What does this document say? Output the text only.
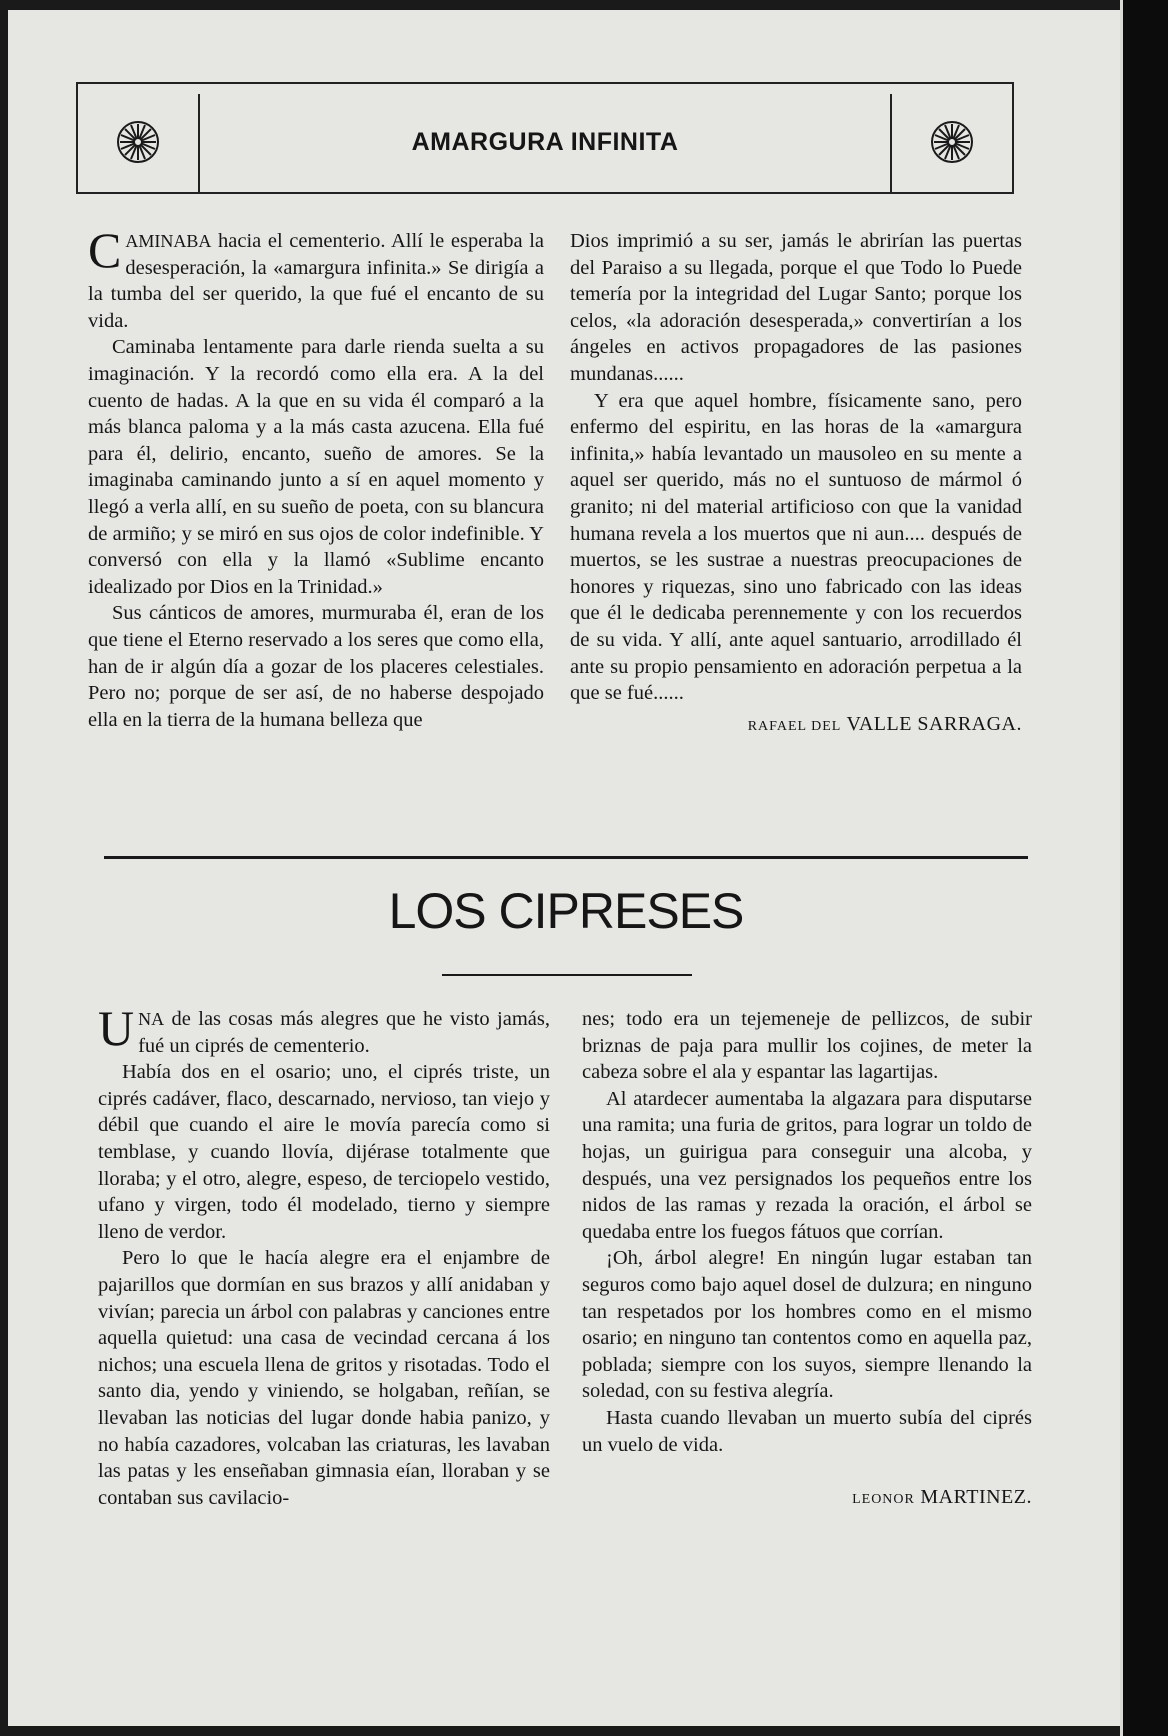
AMARGURA INFINITA

CAMINABA hacia el cementerio. Allí le esperaba la desesperación, la «amargura infinita.» Se dirigía a la tumba del ser querido, la que fué el encanto de su vida.

Caminaba lentamente para darle rienda suelta a su imaginación. Y la recordó como ella era. A la del cuento de hadas. A la que en su vida él comparó a la más blanca paloma y a la más casta azucena. Ella fué para él, delirio, encanto, sueño de amores. Se la imaginaba caminando junto a sí en aquel momento y llegó a verla allí, en su sueño de poeta, con su blancura de armiño; y se miró en sus ojos de color indefinible. Y conversó con ella y la llamó «Sublime encanto idealizado por Dios en la Trinidad.»

Sus cánticos de amores, murmuraba él, eran de los que tiene el Eterno reservado a los seres que como ella, han de ir algún día a gozar de los placeres celestiales. Pero no; porque de ser así, de no haberse despojado ella en la tierra de la humana belleza que

Dios imprimió a su ser, jamás le abrirían las puertas del Paraiso a su llegada, porque el que Todo lo Puede temería por la integridad del Lugar Santo; porque los celos, «la adoración desesperada,» convertirían a los ángeles en activos propagadores de las pasiones mundanas......

Y era que aquel hombre, físicamente sano, pero enfermo del espiritu, en las horas de la «amargura infinita,» había levantado un mausoleo en su mente a aquel ser querido, más no el suntuoso de mármol ó granito; ni del material artificioso con que la vanidad humana revela a los muertos que ni aun.... después de muertos, se les sustrae a nuestras preocupaciones de honores y riquezas, sino uno fabricado con las ideas que él le dedicaba perennemente y con los recuerdos de su vida. Y allí, ante aquel santuario, arrodillado él ante su propio pensamiento en adoración perpetua a la que se fué......

RAFAEL DEL VALLE SARRAGA.
LOS CIPRESES

UNA de las cosas más alegres que he visto jamás, fué un ciprés de cementerio.

Había dos en el osario; uno, el ciprés triste, un ciprés cadáver, flaco, descarnado, nervioso, tan viejo y débil que cuando el aire le movía parecía como si temblase, y cuando llovía, dijérase totalmente que lloraba; y el otro, alegre, espeso, de terciopelo vestido, ufano y virgen, todo él modelado, tierno y siempre lleno de verdor.

Pero lo que le hacía alegre era el enjambre de pajarillos que dormían en sus brazos y allí anidaban y vivían; parecia un árbol con palabras y canciones entre aquella quietud: una casa de vecindad cercana á los nichos; una escuela llena de gritos y risotadas. Todo el santo dia, yendo y viniendo, se holgaban, reñían, se llevaban las noticias del lugar donde habia panizo, y no había cazadores, volcaban las criaturas, les lavaban las patas y les enseñaban gimnasia eían, lloraban y se contaban sus cavilacio-

nes; todo era un tejemeneje de pellizcos, de subir briznas de paja para mullir los cojines, de meter la cabeza sobre el ala y espantar las lagartijas.

Al atardecer aumentaba la algazara para disputarse una ramita; una furia de gritos, para lograr un toldo de hojas, un guirigua para conseguir una alcoba, y después, una vez persignados los pequeños entre los nidos de las ramas y rezada la oración, el árbol se quedaba entre los fuegos fátuos que corrían.

¡Oh, árbol alegre! En ningún lugar estaban tan seguros como bajo aquel dosel de dulzura; en ninguno tan respetados por los hombres como en el mismo osario; en ninguno tan contentos como en aquella paz, poblada; siempre con los suyos, siempre llenando la soledad, con su festiva alegría.

Hasta cuando llevaban un muerto subía del ciprés un vuelo de vida.

LEONOR MARTINEZ.
